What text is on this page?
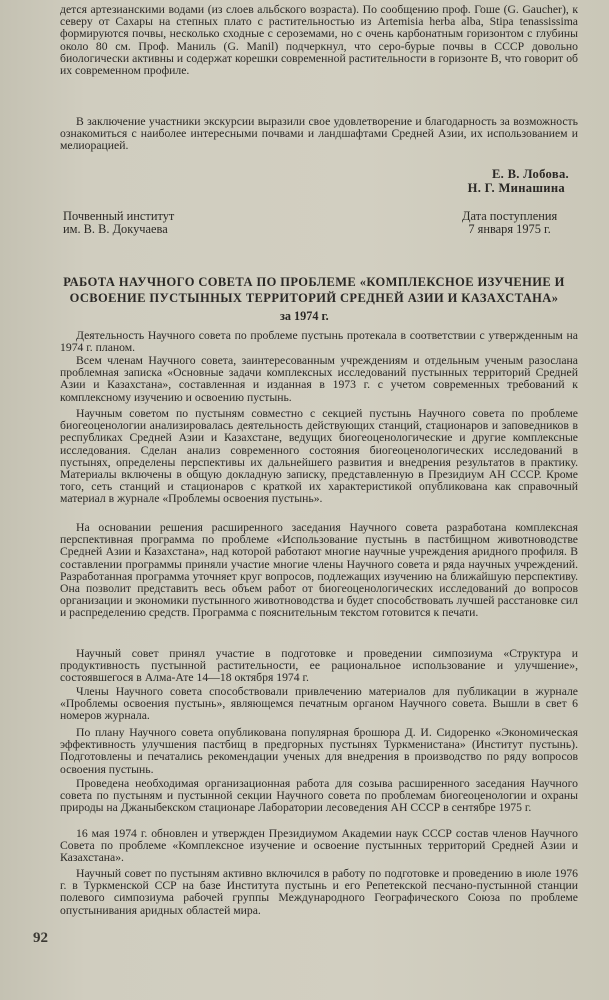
дется артезианскими водами (из слоев альбского возраста). По сообщению проф. Гоше (G. Gaucher), к северу от Сахары на степных плато с растительностью из Artemisia herba alba, Stipa tenassissima формируются почвы, несколько сходные с сероземами, но с очень карбонатным горизонтом с глубины около 80 см. Проф. Маниль (G. Manil) подчеркнул, что серо-бурые почвы в СССР довольно биологически активны и содержат корешки современной растительности в горизонте B, что говорит об их современном профиле.

В заключение участники экскурсии выразили свое удовлетворение и благодарность за возможность ознакомиться с наиболее интересными почвами и ландшафтами Средней Азии, их использованием и мелиорацией.

Е. В. Лобова.
Н. Г. Минашина
Почвенный институт
им. В. В. Докучаева
Дата поступления
7 января 1975 г.
РАБОТА НАУЧНОГО СОВЕТА ПО ПРОБЛЕМЕ «КОМПЛЕКСНОЕ ИЗУЧЕНИЕ И ОСВОЕНИЕ ПУСТЫННЫХ ТЕРРИТОРИЙ СРЕДНЕЙ АЗИИ И КАЗАХСТАНА»
за 1974 г.

Деятельность Научного совета по проблеме пустынь протекала в соответствии с утвержденным на 1974 г. планом.

Всем членам Научного совета, заинтересованным учреждениям и отдельным ученым разослана проблемная записка «Основные задачи комплексных исследований пустынных территорий Средней Азии и Казахстана», составленная и изданная в 1973 г. с учетом современных требований к комплексному изучению и освоению пустынь.

Научным советом по пустыням совместно с секцией пустынь Научного совета по проблеме биогеоценологии анализировалась деятельность действующих станций, стационаров и заповедников в республиках Средней Азии и Казахстане, ведущих биогеоценологические и другие комплексные исследования. Сделан анализ современного состояния биогеоценологических исследований в пустынях, определены перспективы их дальнейшего развития и внедрения результатов в практику. Материалы включены в общую докладную записку, представленную в Президиум АН СССР. Кроме того, сеть станций и стационаров с краткой их характеристикой опубликована как справочный материал в журнале «Проблемы освоения пустынь».

На основании решения расширенного заседания Научного совета разработана комплексная перспективная программа по проблеме «Использование пустынь в пастбищном животноводстве Средней Азии и Казахстана», над которой работают многие научные учреждения аридного профиля. В составлении программы приняли участие многие члены Научного совета и ряда научных учреждений. Разработанная программа уточняет круг вопросов, подлежащих изучению на ближайшую перспективу. Она позволит представить весь объем работ от биогеоценологических исследований до вопросов организации и экономики пустынного животноводства и будет способствовать лучшей расстановке сил и распределению средств. Программа с пояснительным текстом готовится к печати.

Научный совет принял участие в подготовке и проведении симпозиума «Структура и продуктивность пустынной растительности, ее рациональное использование и улучшение», состоявшегося в Алма-Ате 14—18 октября 1974 г.

Члены Научного совета способствовали привлечению материалов для публикации в журнале «Проблемы освоения пустынь», являющемся печатным органом Научного совета. Вышли в свет 6 номеров журнала.

По плану Научного совета опубликована популярная брошюра Д. И. Сидоренко «Экономическая эффективность улучшения пастбищ в предгорных пустынях Туркменистана» (Институт пустынь). Подготовлены и печатались рекомендации ученых для внедрения в производство по ряду вопросов освоения пустынь.

Проведена необходимая организационная работа для созыва расширенного заседания Научного совета по пустыням и пустынной секции Научного совета по проблемам биогеоценологии и охраны природы на Джаныбекском стационаре Лаборатории лесоведения АН СССР в сентябре 1975 г.

16 мая 1974 г. обновлен и утвержден Президиумом Академии наук СССР состав членов Научного Совета по проблеме «Комплексное изучение и освоение пустынных территорий Средней Азии и Казахстана».

Научный совет по пустыням активно включился в работу по подготовке и проведению в июле 1976 г. в Туркменской ССР на базе Института пустынь и его Репетекской песчано-пустынной станции полевого симпозиума рабочей группы Международного Географического Союза по проблеме опустынивания аридных областей мира.

92
